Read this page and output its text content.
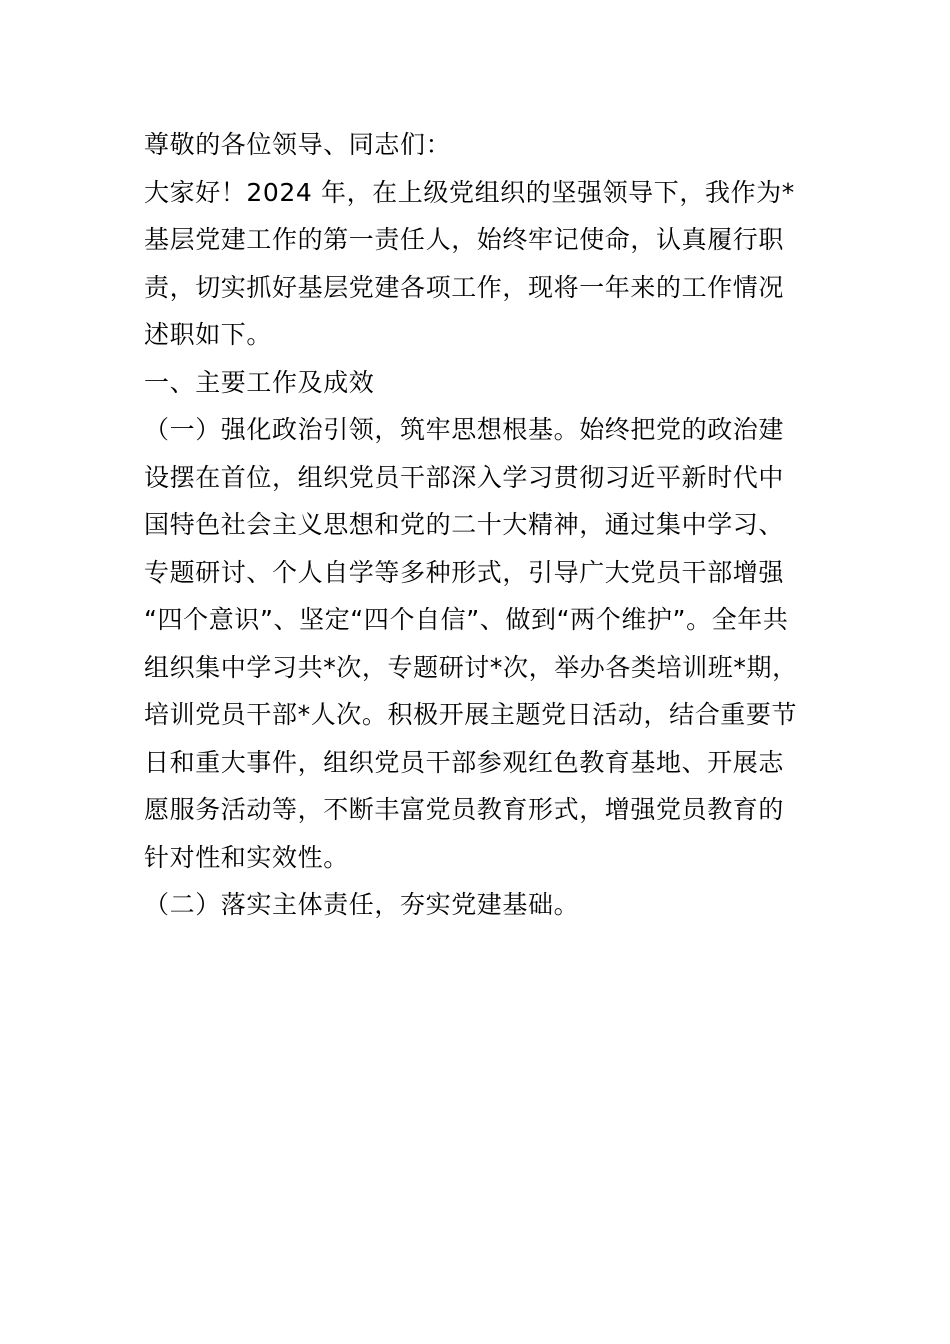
尊敬的各位领导、同志们：
大家好！2024 年，在上级党组织的坚强领导下，我作为*
基层党建工作的第一责任人，始终牢记使命，认真履行职
责，切实抓好基层党建各项工作，现将一年来的工作情况
述职如下。
一、主要工作及成效
（一）强化政治引领，筑牢思想根基。始终把党的政治建
设摆在首位，组织党员干部深入学习贯彻习近平新时代中
国特色社会主义思想和党的二十大精神，通过集中学习、
专题研讨、个人自学等多种形式，引导广大党员干部增强
“四个意识”、坚定“四个自信”、做到“两个维护”。全年共
组织集中学习共*次，专题研讨*次，举办各类培训班*期，
培训党员干部*人次。积极开展主题党日活动，结合重要节
日和重大事件，组织党员干部参观红色教育基地、开展志
愿服务活动等，不断丰富党员教育形式，增强党员教育的
针对性和实效性。
（二）落实主体责任，夯实党建基础。
